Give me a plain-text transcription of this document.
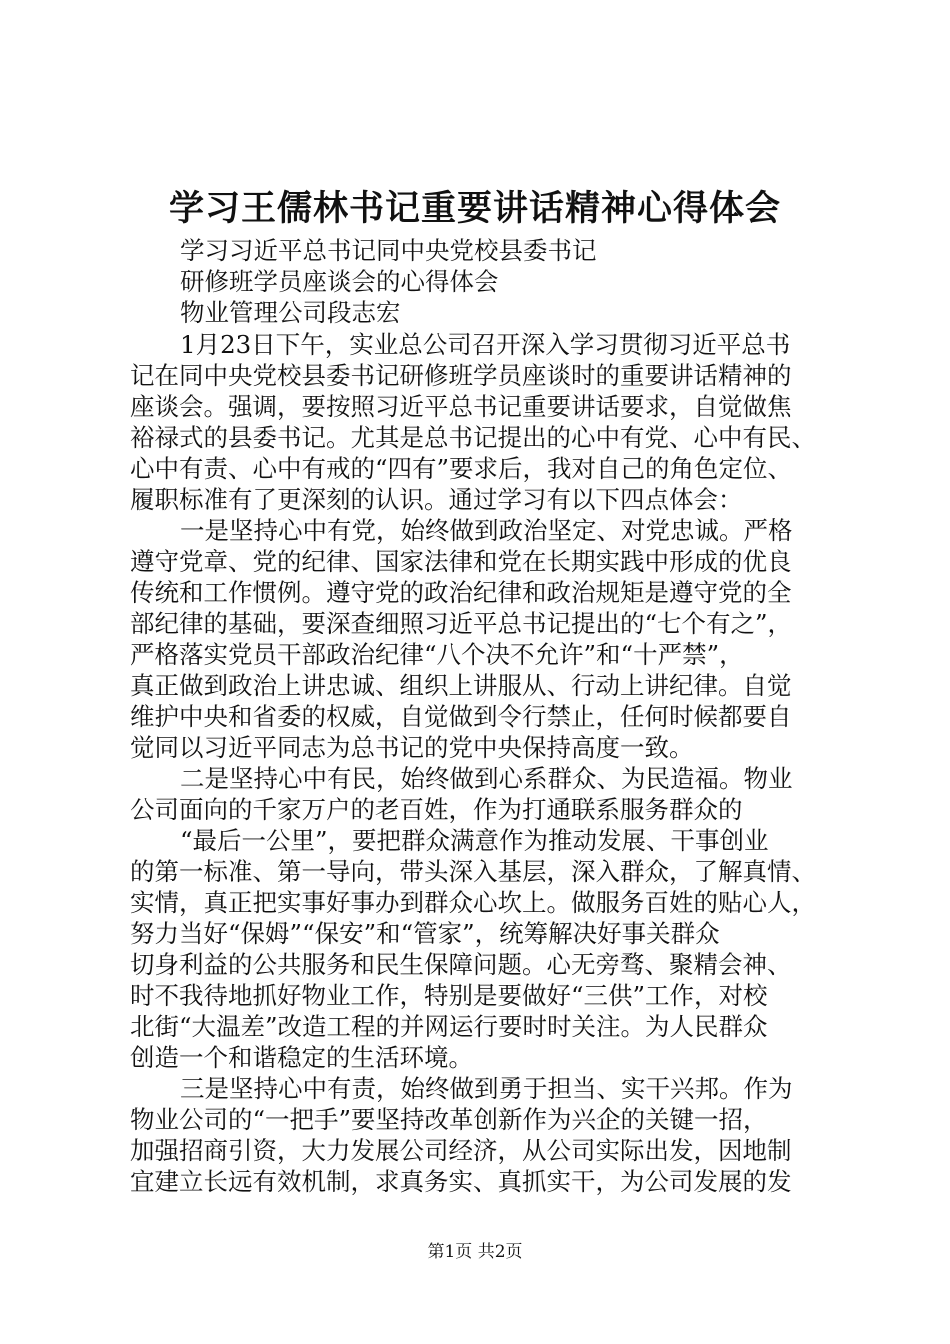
学习王儒林书记重要讲话精神心得体会

学习习近平总书记同中央党校县委书记

研修班学员座谈会的心得体会

物业管理公司段志宏

1月23日下午，实业总公司召开深入学习贯彻习近平总书

记在同中央党校县委书记研修班学员座谈时的重要讲话精神的

座谈会。强调，要按照习近平总书记重要讲话要求，自觉做焦

裕禄式的县委书记。尤其是总书记提出的心中有党、心中有民、

心中有责、心中有戒的“四有”要求后，我对自己的角色定位、

履职标准有了更深刻的认识。通过学习有以下四点体会：

一是坚持心中有党，始终做到政治坚定、对党忠诚。严格

遵守党章、党的纪律、国家法律和党在长期实践中形成的优良

传统和工作惯例。遵守党的政治纪律和政治规矩是遵守党的全

部纪律的基础，要深查细照习近平总书记提出的“七个有之”，

严格落实党员干部政治纪律“八个决不允许”和“十严禁”，

真正做到政治上讲忠诚、组织上讲服从、行动上讲纪律。自觉

维护中央和省委的权威，自觉做到令行禁止，任何时候都要自

觉同以习近平同志为总书记的党中央保持高度一致。

二是坚持心中有民，始终做到心系群众、为民造福。物业

公司面向的千家万户的老百姓，作为打通联系服务群众的

“最后一公里”，要把群众满意作为推动发展、干事创业

的第一标准、第一导向，带头深入基层，深入群众，了解真情、

实情，真正把实事好事办到群众心坎上。做服务百姓的贴心人，

努力当好“保姆”“保安”和“管家”，统筹解决好事关群众

切身利益的公共服务和民生保障问题。心无旁骛、聚精会神、

时不我待地抓好物业工作，特别是要做好“三供”工作，对校

北街“大温差”改造工程的并网运行要时时关注。为人民群众

创造一个和谐稳定的生活环境。

三是坚持心中有责，始终做到勇于担当、实干兴邦。作为

物业公司的“一把手”要坚持改革创新作为兴企的关键一招，

加强招商引资，大力发展公司经济，从公司实际出发，因地制

宜建立长远有效机制，求真务实、真抓实干，为公司发展的发

第1页 共2页
